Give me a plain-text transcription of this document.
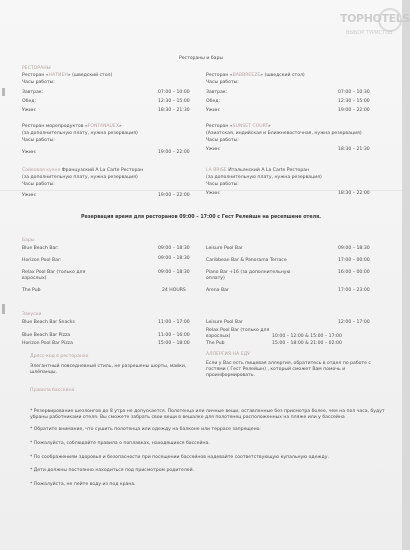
TOPHOTELS
ВЫБОР ТУРИСТОВ
Рестораны и бары
РЕСТОРАНЫ
Ресторан «НАТИЕН» (шведский стол)
Часы работы:
Завтрак:	07:00 – 10:00
Обед:	12:30 – 15:00
Ужин:	18:30 – 21:30
Ресторан «BABBREEZE» (шведский стол)
Часы работы:
Завтрак:	07:00 – 10:30
Обед:	12:30 – 15:00
Ужин:	19:00 – 22:00
Ресторан морепродуктов «FONTANAUEX»
(за дополнительную плату, нужна резервация)
Часы работы:
Ужин:	19:00 – 22:00
Ресторан «SUNSET COURT»
(Азиатская, индийская и Ближневосточная, нужна резервация)
Часы работы:
Ужин:	18:30 – 21:30
Сойвовая кухня Французский A La Carte Ресторан
(за дополнительную плату, нужна резервация)
Часы работы:
Ужин:	19:00 – 22:00
LA BRISE Итальянский A La Carte Ресторан
(за дополнительную плату, нужна резервация)
Часы работы:
Ужин:	18:30 – 22:00
Резервация время для ресторанов 09:00 – 17:00 с Гест Релейшн на ресепшене отеля.
Бары
Blue Beach Bar:	09:00 – 18:30
Horizon Pool Bar:	09:00 – 18:30
Relax Pool Bar (только для
взрослых)
09:00 – 18:30
The Pub	24 HOURS
Leisure Pool Bar	09:00 – 18:30
Caribbean Bar & Panorama Terrace	17:00 – 00:00
Piano Bar +16 (за дополнительную
оплату)
16:00 – 00:00
Arena Bar	17:00 – 23:00
Закуски
Blue Beach Bar Snacks	11:00 – 17:00
Blue Beach Bar Pizza	11:00 – 16:00
Horizon Pool Bar Pizza	15:00 – 18:00
Leisure Pool Bar	12:00 – 17:00
Relax Pool Bar (только для
взрослых)	10:00 – 12:00 & 15:00 – 17:00
The Pub	15:00 – 18:00 & 21:00 – 02:00
Дресс-код в ресторанах
Элегантный повседневный стиль, не разрешены шорты, майки,
шлёпанцы.
АЛЛЕРГИЯ НА ЕДУ
Если у Вас есть пищевая аллергия, обратитесь в отдел по работе с
гостями ( Гест Релейшн) , который сможет Вам помочь и
проинформировать.
Правила бассейна
* Резервирование шезлонгов до 8 утра не допускается. Полотенца или личные вещи, оставленные без присмотра более, чем на пол часа, будут
убраны работниками отеля. Вы сможете забрать свои вещи в вешалке для полотенец расположенных на пляже или у бассейна
* Обратите внимание, что сушить полотенца или одежду на балконе или террасе запрещено.
* Пожалуйста, соблюдайте правила о поплавках, находящихся бассейна.
* По соображениям здоровья и безопасности при посещении бассейнов надевайте соответствующую купальную одежду.
* Дети должны постоянно находиться под присмотром родителей.
* Пожалуйста, не пейте воду из под крана.
